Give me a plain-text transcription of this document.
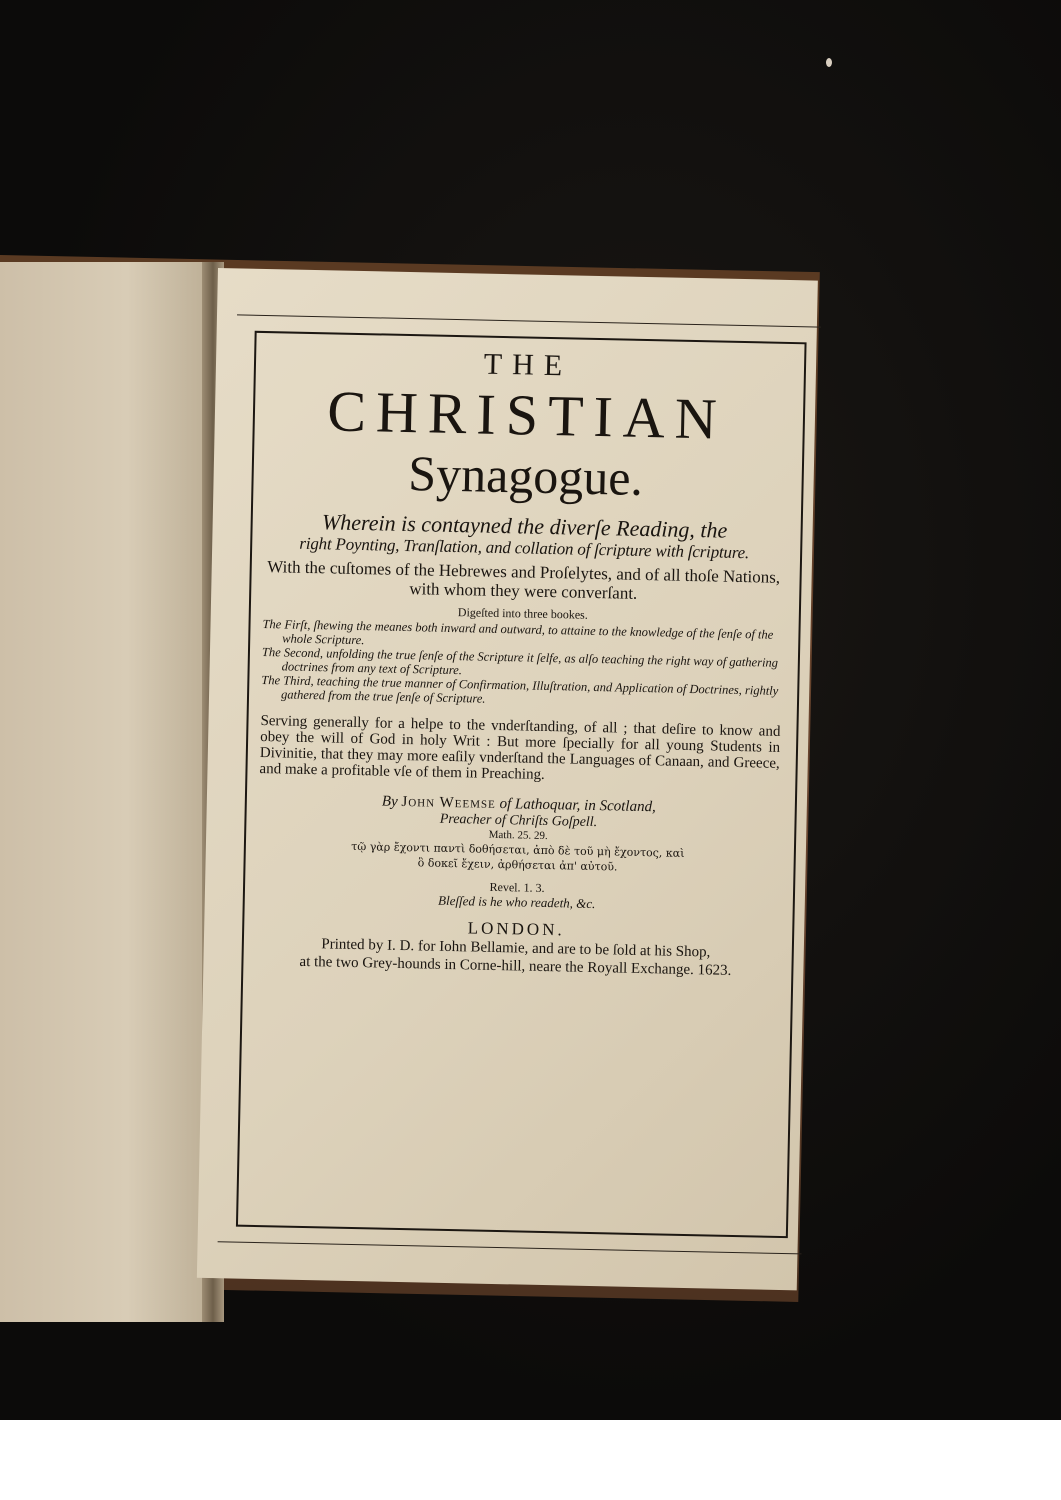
THE

CHRISTIAN

Synagogue.

Wherein is contayned the diverſe Reading, the

right Poynting, Tranſlation, and collation of ſcripture with ſcripture.

With the cuſtomes of the Hebrewes and Proſelytes, and of all thoſe Nations, with whom they were converſant.

Digeſted into three bookes.

The Firſt, ſhewing the meanes both inward and outward, to attaine to the knowledge of the ſenſe of the whole Scripture.

The Second, unfolding the true ſenſe of the Scripture it ſelfe, as alſo teaching the right way of gathering doctrines from any text of Scripture.

The Third, teaching the true manner of Confirmation, Illuſtration, and Application of Doctrines, rightly gathered from the true ſenſe of Scripture.

Serving generally for a helpe to the vnderſtanding, of all ; that deſire to know and obey the will of God in holy Writ : But more ſpecially for all young Students in Divinitie, that they may more eaſily vnderſtand the Languages of Canaan, and Greece, and make a profitable vſe of them in Preaching.

By John Weemse of Lathoquar, in Scotland,

Preacher of Chriſts Goſpell.

Math. 25. 29.

τῷ γὰρ ἔχοντι παντὶ δοθήσεται, ἀπὸ δὲ τοῦ μὴ ἔχοντος, καὶ

ὃ δοκεῖ ἔχειν, ἀρθήσεται ἀπ' αὐτοῦ.

Revel. 1. 3.

Bleſſed is he who readeth, &c.

LONDON.

Printed by I. D. for Iohn Bellamie, and are to be ſold at his Shop,

at the two Grey-hounds in Corne-hill, neare the Royall Exchange. 1623.
